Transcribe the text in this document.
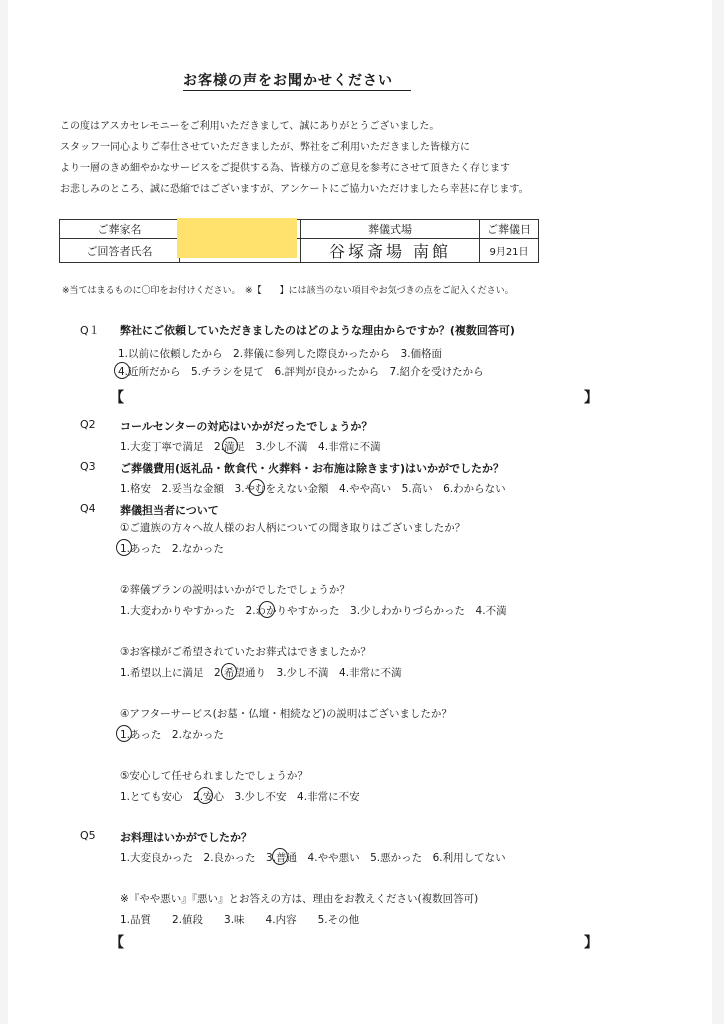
お客様の声をお聞かせください
この度はアスカセレモニーをご利用いただきまして、誠にありがとうございました。
スタッフ一同心よりご奉仕させていただきましたが、弊社をご利用いただきました皆様方に
より一層のきめ細やかなサービスをご提供する為、皆様方のご意見を参考にさせて頂きたく存じます
お悲しみのところ、誠に恐縮ではございますが、アンケートにご協力いただけましたら幸甚に存じます。
ご葬家名		葬儀式場	ご葬儀日
ご回答者氏名		谷塚斎場 南館	9月21日
※当てはまるものに〇印をお付けください。　※【　　】には該当のない項目やお気づきの点をご記入ください。
Q１ 弊社にご依頼していただきましたのはどのような理由からですか？(複数回答可)
1.以前に依頼したから　2.葬儀に参列した際良かったから　3.価格面
4.近所だから　5.チラシを見て　6.評判が良かったから　7.紹介を受けたから
【	】
Q2 コールセンターの対応はいかがだったでしょうか？
1.大変丁寧で満足　2.満足　3.少し不満　4.非常に不満
Q3 ご葬儀費用(返礼品・飲食代・火葬料・お布施は除きます)はいかがでしたか？
1.格安　2.妥当な金額　3.やむをえない金額　4.やや高い　5.高い　6.わからない
Q4 葬儀担当者について
①ご遺族の方々へ故人様のお人柄についての聞き取りはございましたか？
1.あった　2.なかった
②葬儀プランの説明はいかがでしたでしょうか？
1.大変わかりやすかった　2.わかりやすかった　3.少しわかりづらかった　4.不満
③お客様がご希望されていたお葬式はできましたか？
1.希望以上に満足　2.希望通り　3.少し不満　4.非常に不満
④アフターサービス(お墓・仏壇・相続など)の説明はございましたか？
1.あった　2.なかった
⑤安心して任せられましたでしょうか？
1.とても安心　2.安心　3.少し不安　4.非常に不安
Q5 お料理はいかがでしたか？
1.大変良かった　2.良かった　3.普通　4.やや悪い　5.悪かった　6.利用してない
※『やや悪い』『悪い』とお答えの方は、理由をお教えください(複数回答可)
1.品質　　2.値段　　3.味　　4.内容　　5.その他
【	】
